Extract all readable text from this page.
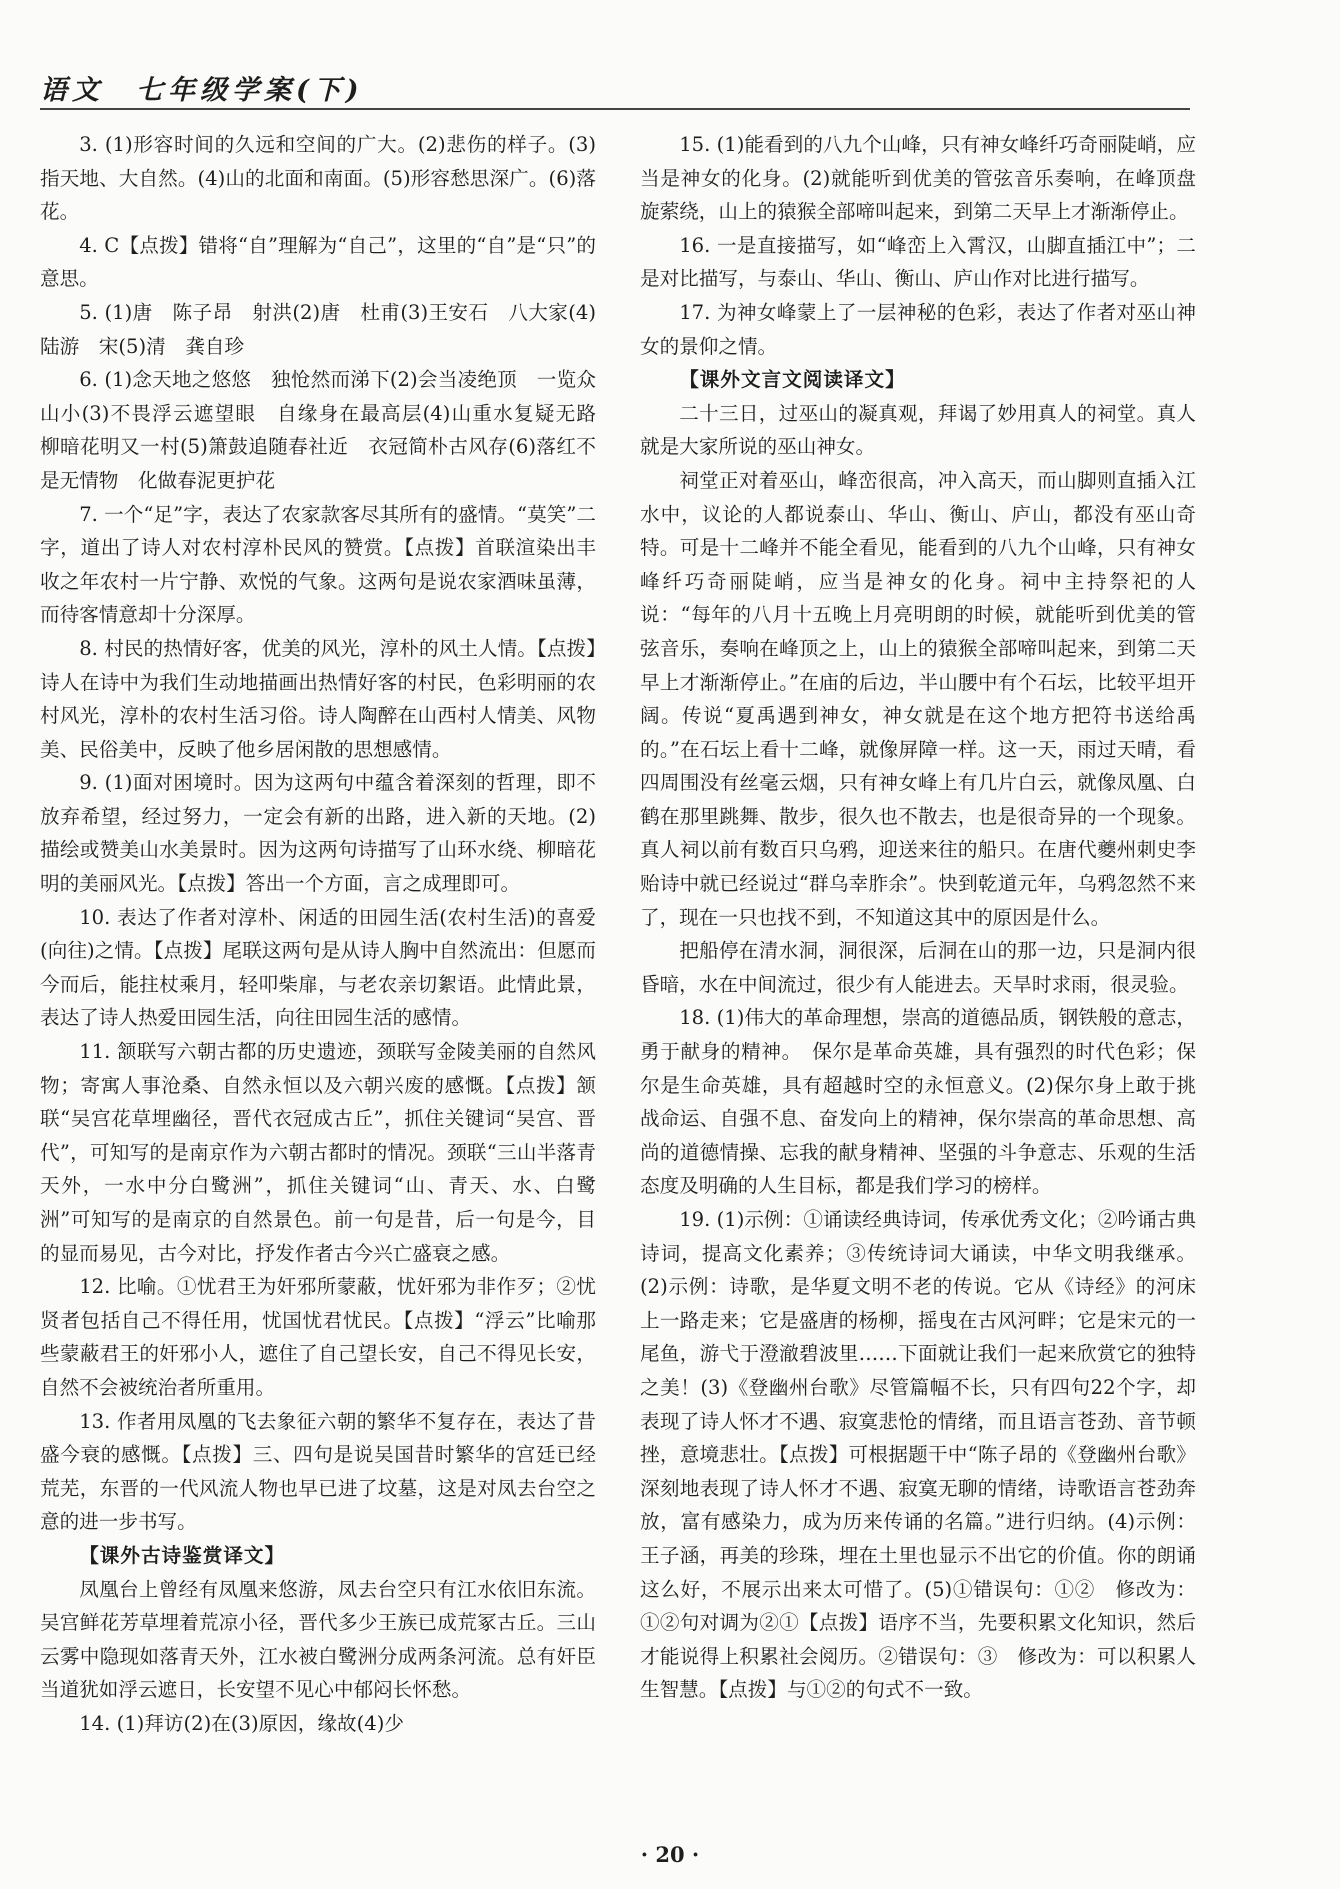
语文　七年级学案(下)

3. (1)形容时间的久远和空间的广大。(2)悲伤的样子。(3)指天地、大自然。(4)山的北面和南面。(5)形容愁思深广。(6)落花。

4. C【点拨】错将“自”理解为“自己”，这里的“自”是“只”的意思。

5. (1)唐　陈子昂　射洪(2)唐　杜甫(3)王安石　八大家(4)陆游　宋(5)清　龚自珍

6. (1)念天地之悠悠　独怆然而涕下(2)会当凌绝顶　一览众山小(3)不畏浮云遮望眼　自缘身在最高层(4)山重水复疑无路　柳暗花明又一村(5)箫鼓追随春社近　衣冠简朴古风存(6)落红不是无情物　化做春泥更护花

7. 一个“足”字，表达了农家款客尽其所有的盛情。“莫笑”二字，道出了诗人对农村淳朴民风的赞赏。【点拨】首联渲染出丰收之年农村一片宁静、欢悦的气象。这两句是说农家酒味虽薄，而待客情意却十分深厚。

8. 村民的热情好客，优美的风光，淳朴的风土人情。【点拨】诗人在诗中为我们生动地描画出热情好客的村民，色彩明丽的农村风光，淳朴的农村生活习俗。诗人陶醉在山西村人情美、风物美、民俗美中，反映了他乡居闲散的思想感情。

9. (1)面对困境时。因为这两句中蕴含着深刻的哲理，即不放弃希望，经过努力，一定会有新的出路，进入新的天地。(2)描绘或赞美山水美景时。因为这两句诗描写了山环水绕、柳暗花明的美丽风光。【点拨】答出一个方面，言之成理即可。

10. 表达了作者对淳朴、闲适的田园生活(农村生活)的喜爱(向往)之情。【点拨】尾联这两句是从诗人胸中自然流出：但愿而今而后，能拄杖乘月，轻叩柴扉，与老农亲切絮语。此情此景，表达了诗人热爱田园生活，向往田园生活的感情。

11. 颔联写六朝古都的历史遗迹，颈联写金陵美丽的自然风物；寄寓人事沧桑、自然永恒以及六朝兴废的感慨。【点拨】颔联“吴宫花草埋幽径，晋代衣冠成古丘”，抓住关键词“吴宫、晋代”，可知写的是南京作为六朝古都时的情况。颈联“三山半落青天外，一水中分白鹭洲”，抓住关键词“山、青天、水、白鹭洲”可知写的是南京的自然景色。前一句是昔，后一句是今，目的显而易见，古今对比，抒发作者古今兴亡盛衰之感。

12. 比喻。①忧君王为奸邪所蒙蔽，忧奸邪为非作歹；②忧贤者包括自己不得任用，忧国忧君忧民。【点拨】“浮云”比喻那些蒙蔽君王的奸邪小人，遮住了自己望长安，自己不得见长安，自然不会被统治者所重用。

13. 作者用凤凰的飞去象征六朝的繁华不复存在，表达了昔盛今衰的感慨。【点拨】三、四句是说吴国昔时繁华的宫廷已经荒芜，东晋的一代风流人物也早已进了坟墓，这是对凤去台空之意的进一步书写。

【课外古诗鉴赏译文】

凤凰台上曾经有凤凰来悠游，凤去台空只有江水依旧东流。吴宫鲜花芳草埋着荒凉小径，晋代多少王族已成荒冢古丘。三山云雾中隐现如落青天外，江水被白鹭洲分成两条河流。总有奸臣当道犹如浮云遮日，长安望不见心中郁闷长怀愁。

14. (1)拜访(2)在(3)原因，缘故(4)少

15. (1)能看到的八九个山峰，只有神女峰纤巧奇丽陡峭，应当是神女的化身。(2)就能听到优美的管弦音乐奏响，在峰顶盘旋萦绕，山上的猿猴全部啼叫起来，到第二天早上才渐渐停止。

16. 一是直接描写，如“峰峦上入霄汉，山脚直插江中”；二是对比描写，与泰山、华山、衡山、庐山作对比进行描写。

17. 为神女峰蒙上了一层神秘的色彩，表达了作者对巫山神女的景仰之情。

【课外文言文阅读译文】

二十三日，过巫山的凝真观，拜谒了妙用真人的祠堂。真人就是大家所说的巫山神女。

祠堂正对着巫山，峰峦很高，冲入高天，而山脚则直插入江水中，议论的人都说泰山、华山、衡山、庐山，都没有巫山奇特。可是十二峰并不能全看见，能看到的八九个山峰，只有神女峰纤巧奇丽陡峭，应当是神女的化身。祠中主持祭祀的人说：“每年的八月十五晚上月亮明朗的时候，就能听到优美的管弦音乐，奏响在峰顶之上，山上的猿猴全部啼叫起来，到第二天早上才渐渐停止。”在庙的后边，半山腰中有个石坛，比较平坦开阔。传说“夏禹遇到神女，神女就是在这个地方把符书送给禹的。”在石坛上看十二峰，就像屏障一样。这一天，雨过天晴，看四周围没有丝毫云烟，只有神女峰上有几片白云，就像凤凰、白鹤在那里跳舞、散步，很久也不散去，也是很奇异的一个现象。真人祠以前有数百只乌鸦，迎送来往的船只。在唐代夔州刺史李贻诗中就已经说过“群乌幸胙余”。快到乾道元年，乌鸦忽然不来了，现在一只也找不到，不知道这其中的原因是什么。

把船停在清水洞，洞很深，后洞在山的那一边，只是洞内很昏暗，水在中间流过，很少有人能进去。天旱时求雨，很灵验。

18. (1)伟大的革命理想，崇高的道德品质，钢铁般的意志，勇于献身的精神。　保尔是革命英雄，具有强烈的时代色彩；保尔是生命英雄，具有超越时空的永恒意义。(2)保尔身上敢于挑战命运、自强不息、奋发向上的精神，保尔崇高的革命思想、高尚的道德情操、忘我的献身精神、坚强的斗争意志、乐观的生活态度及明确的人生目标，都是我们学习的榜样。

19. (1)示例：①诵读经典诗词，传承优秀文化；②吟诵古典诗词，提高文化素养；③传统诗词大诵读，中华文明我继承。(2)示例：诗歌，是华夏文明不老的传说。它从《诗经》的河床上一路走来；它是盛唐的杨柳，摇曳在古风河畔；它是宋元的一尾鱼，游弋于澄澈碧波里……下面就让我们一起来欣赏它的独特之美！(3)《登幽州台歌》尽管篇幅不长，只有四句22个字，却表现了诗人怀才不遇、寂寞悲怆的情绪，而且语言苍劲、音节顿挫，意境悲壮。【点拨】可根据题干中“陈子昂的《登幽州台歌》深刻地表现了诗人怀才不遇、寂寞无聊的情绪，诗歌语言苍劲奔放，富有感染力，成为历来传诵的名篇。”进行归纳。(4)示例：王子涵，再美的珍珠，埋在土里也显示不出它的价值。你的朗诵这么好，不展示出来太可惜了。(5)①错误句：①②　修改为：①②句对调为②①【点拨】语序不当，先要积累文化知识，然后才能说得上积累社会阅历。②错误句：③　修改为：可以积累人生智慧。【点拨】与①②的句式不一致。

· 20 ·
